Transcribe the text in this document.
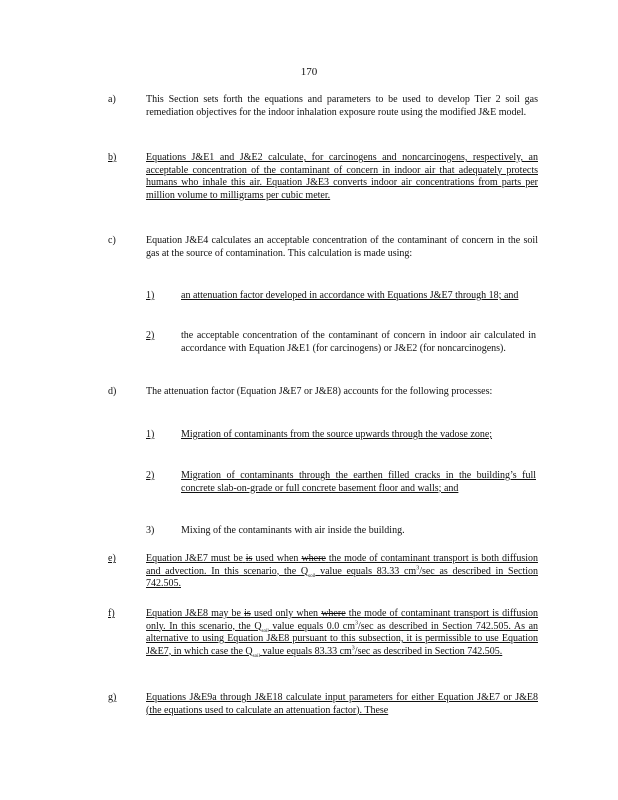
170
a)	This Section sets forth the equations and parameters to be used to develop Tier 2 soil gas remediation objectives for the indoor inhalation exposure route using the modified J&E model.
b)	Equations J&E1 and J&E2 calculate, for carcinogens and noncarcinogens, respectively, an acceptable concentration of the contaminant of concern in indoor air that adequately protects humans who inhale this air. Equation J&E3 converts indoor air concentrations from parts per million volume to milligrams per cubic meter.
c)	Equation J&E4 calculates an acceptable concentration of the contaminant of concern in the soil gas at the source of contamination. This calculation is made using:
1)	an attenuation factor developed in accordance with Equations J&E7 through 18; and
2)	the acceptable concentration of the contaminant of concern in indoor air calculated in accordance with Equation J&E1 (for carcinogens) or J&E2 (for noncarcinogens).
d)	The attenuation factor (Equation J&E7 or J&E8) accounts for the following processes:
1)	Migration of contaminants from the source upwards through the vadose zone;
2)	Migration of contaminants through the earthen filled cracks in the building’s full concrete slab-on-grade or full concrete basement floor and walls; and
3)	Mixing of the contaminants with air inside the building.
e)	Equation J&E7 must be is used when where the mode of contaminant transport is both diffusion and advection. In this scenario, the $Q_{soil}$ value equals 83.33 $cm^3/\sec$ as described in Section 742.505.
f)	Equation J&E8 may be is used only when where the mode of contaminant transport is diffusion only. In this scenario, the $Q_{soil}$ value equals 0.0 $cm^3/\sec$ as described in Section 742.505. As an alternative to using Equation J&E8 pursuant to this subsection, it is permissible to use Equation J&E7, in which case the $Q_{soil}$ value equals 83.33 $cm^3/\sec$ as described in Section 742.505.
g)	Equations J&E9a through J&E18 calculate input parameters for either Equation J&E7 or J&E8 (the equations used to calculate an attenuation factor). These
